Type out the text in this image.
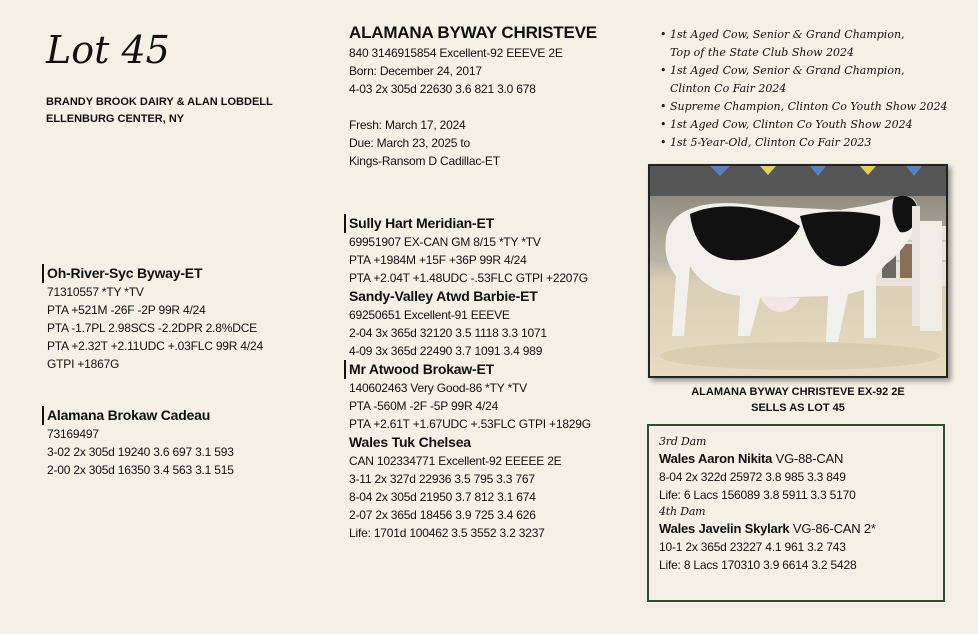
Lot 45
BRANDY BROOK DAIRY & ALAN LOBDELL
ELLENBURG CENTER, NY
ALAMANA BYWAY CHRISTEVE
840 3146915854 Excellent-92 EEEVE 2E
Born: December 24, 2017
4-03 2x 305d 22630 3.6 821 3.0 678
Fresh: March 17, 2024
Due: March 23, 2025 to
Kings-Ransom D Cadillac-ET
• 1st Aged Cow, Senior & Grand Champion,
Top of the State Club Show 2024
• 1st Aged Cow, Senior & Grand Champion,
Clinton Co Fair 2024
• Supreme Champion, Clinton Co Youth Show 2024
• 1st Aged Cow, Clinton Co Youth Show 2024
• 1st 5-Year-Old, Clinton Co Fair 2023
ALAMANA BYWAY CHRISTEVE EX-92 2E
SELLS AS LOT 45
Oh-River-Syc Byway-ET
71310557 *TY *TV
PTA +521M -26F -2P 99R 4/24
PTA -1.7PL 2.98SCS -2.2DPR 2.8%DCE
PTA +2.32T +2.11UDC +.03FLC 99R 4/24
GTPI +1867G
Alamana Brokaw Cadeau
73169497
3-02 2x 305d 19240 3.6 697 3.1 593
2-00 2x 305d 16350 3.4 563 3.1 515
Sully Hart Meridian-ET
69951907 EX-CAN GM 8/15 *TY *TV
PTA +1984M +15F +36P 99R 4/24
PTA +2.04T +1.48UDC -.53FLC GTPI +2207G
Sandy-Valley Atwd Barbie-ET
69250651 Excellent-91 EEEVE
2-04 3x 365d 32120 3.5 1118 3.3 1071
4-09 3x 365d 22490 3.7 1091 3.4 989
Mr Atwood Brokaw-ET
140602463 Very Good-86 *TY *TV
PTA -560M -2F -5P 99R 4/24
PTA +2.61T +1.67UDC +.53FLC GTPI +1829G
Wales Tuk Chelsea
CAN 102334771 Excellent-92 EEEEE 2E
3-11 2x 327d 22936 3.5 795 3.3 767
8-04 2x 305d 21950 3.7 812 3.1 674
2-07 2x 365d 18456 3.9 725 3.4 626
Life: 1701d 100462 3.5 3552 3.2 3237
3rd Dam
Wales Aaron Nikita VG-88-CAN
8-04 2x 322d 25972 3.8 985 3.3 849
Life: 6 Lacs 156089 3.8 5911 3.3 5170
4th Dam
Wales Javelin Skylark VG-86-CAN 2*
10-1 2x 365d 23227 4.1 961 3.2 743
Life: 8 Lacs 170310 3.9 6614 3.2 5428
